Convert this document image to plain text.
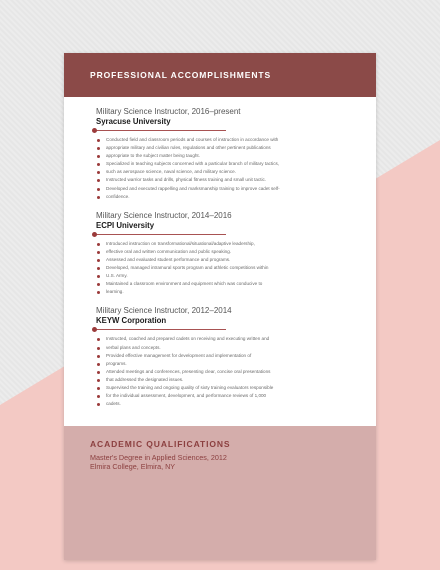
PROFESSIONAL ACCOMPLISHMENTS
Military Science Instructor, 2016–present
Syracuse University
Conducted field and classroom periods and courses of instruction in accordance with
appropriate military and civilian rules, regulations and other pertinent publications
appropriate to the subject matter being taught.
Specialized in teaching subjects concerned with a particular branch of military tactics,
such as aerospace science, naval science, and military science.
Instructed warrior tasks and drills, physical fitness training and small unit tactic.
Developed and executed rappelling and marksmanship training to improve cadet self-
confidence.
Military Science Instructor, 2014–2016
ECPI University
Introduced instruction on transformational/situational/adaptive leadership,
effective oral and written communication and public speaking.
Assessed and evaluated student performance and programs.
Developed, managed intramural sports program and athletic competitions within
U.S. Army.
Maintained a classroom environment and equipment which was conducive to
learning.
Military Science Instructor, 2012–2014
KEYW Corporation
Instructed, coached and prepared cadets on receiving and executing written and
verbal plans and concepts.
Provided effective management for development and implementation of
programs.
Attended meetings and conferences, presenting clear, concise oral presentations
that addressed the designated issues.
Supervised the training and ongoing quality of sixty training evaluators responsible
for the individual assessment, development, and performance reviews of 1,000
cadets.
ACADEMIC QUALIFICATIONS
Master's Degree in Applied Sciences, 2012
Elmira College, Elmira, NY
